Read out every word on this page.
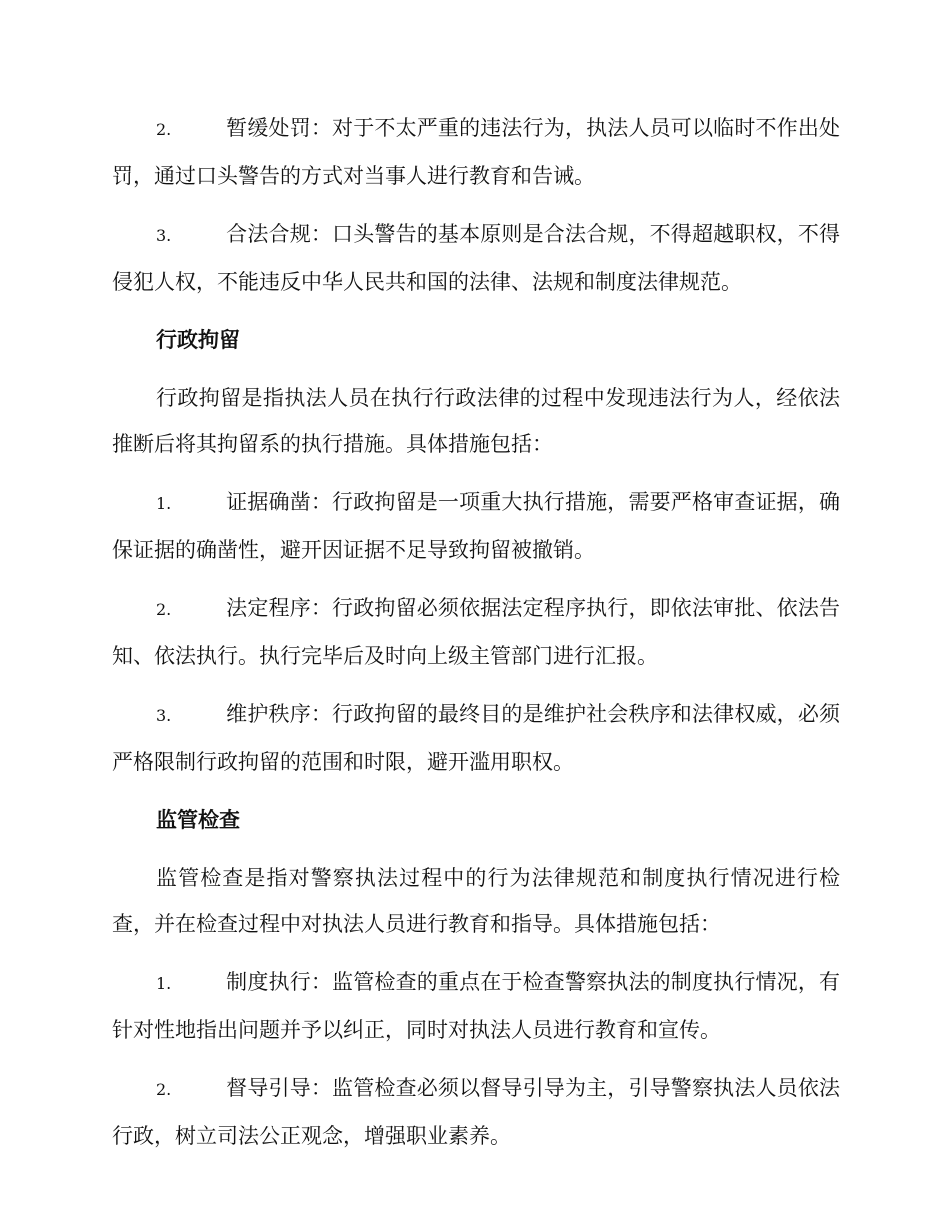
2.	暂缓处罚：对于不太严重的违法行为，执法人员可以临时不作出处罚，通过口头警告的方式对当事人进行教育和告诫。

3.	合法合规：口头警告的基本原则是合法合规，不得超越职权，不得侵犯人权，不能违反中华人民共和国的法律、法规和制度法律规范。

行政拘留

行政拘留是指执法人员在执行行政法律的过程中发现违法行为人，经依法推断后将其拘留系的执行措施。具体措施包括：

1.	证据确凿：行政拘留是一项重大执行措施，需要严格审查证据，确保证据的确凿性，避开因证据不足导致拘留被撤销。

2.	法定程序：行政拘留必须依据法定程序执行，即依法审批、依法告知、依法执行。执行完毕后及时向上级主管部门进行汇报。

3.	维护秩序：行政拘留的最终目的是维护社会秩序和法律权威，必须严格限制行政拘留的范围和时限，避开滥用职权。

监管检查

监管检查是指对警察执法过程中的行为法律规范和制度执行情况进行检查，并在检查过程中对执法人员进行教育和指导。具体措施包括：

1.	制度执行：监管检查的重点在于检查警察执法的制度执行情况，有针对性地指出问题并予以纠正，同时对执法人员进行教育和宣传。

2.	督导引导：监管检查必须以督导引导为主，引导警察执法人员依法行政，树立司法公正观念，增强职业素养。
